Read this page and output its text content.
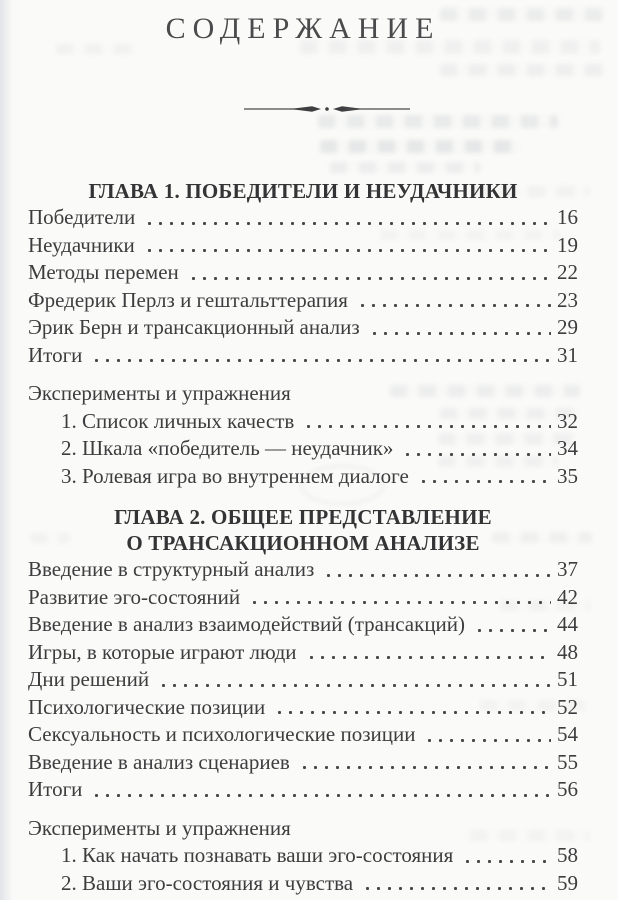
СОДЕРЖАНИЕ
ГЛАВА 1. ПОБЕДИТЕЛИ И НЕУДАЧНИКИ
Победители	16
Неудачники	19
Методы перемен	22
Фредерик Перлз и гештальттерапия	23
Эрик Берн и трансакционный анализ	29
Итоги	31
Эксперименты и упражнения
1. Список личных качеств	32
2. Шкала «победитель — неудачник»	34
3. Ролевая игра во внутреннем диалоге	35
ГЛАВА 2. ОБЩЕЕ ПРЕДСТАВЛЕНИЕ
О ТРАНСАКЦИОННОМ АНАЛИЗЕ
Введение в структурный анализ	37
Развитие эго-состояний	42
Введение в анализ взаимодействий (трансакций)	44
Игры, в которые играют люди	48
Дни решений	51
Психологические позиции	52
Сексуальность и психологические позиции	54
Введение в анализ сценариев	55
Итоги	56
Эксперименты и упражнения
1. Как начать познавать ваши эго-состояния	58
2. Ваши эго-состояния и чувства	59
